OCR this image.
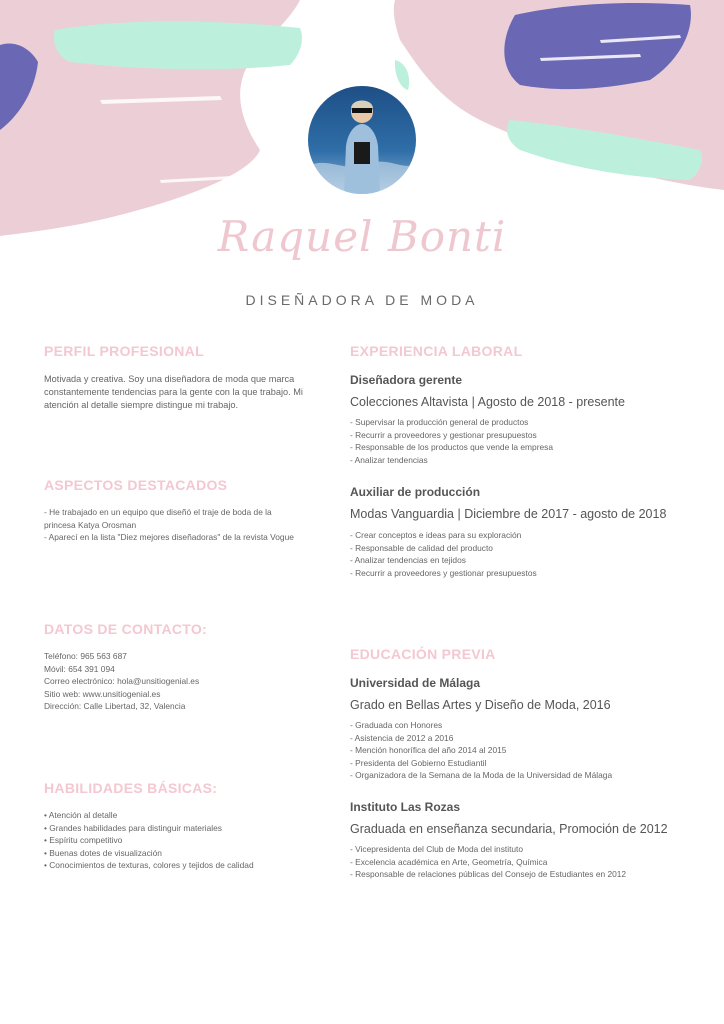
Raquel Bonti
DISEÑADORA DE MODA
PERFIL PROFESIONAL
Motivada y creativa. Soy una diseñadora de moda que marca constantemente tendencias para la gente con la que trabajo. Mi atención al detalle siempre distingue mi trabajo.
ASPECTOS DESTACADOS
- He trabajado en un equipo que diseñó el traje de boda de la
princesa Katya Orosman
- Aparecí en la lista "Diez mejores diseñadoras" de la revista Vogue
DATOS DE CONTACTO:
Teléfono: 965 563 687
Móvil: 654 391 094
Correo electrónico: hola@unsitiogenial.es
Sitio web: www.unsitiogenial.es
Dirección: Calle Libertad, 32, Valencia
HABILIDADES BÁSICAS:
• Atención al detalle
• Grandes habilidades para distinguir materiales
• Espíritu competitivo
• Buenas dotes de visualización
• Conocimientos de texturas, colores y tejidos de calidad
EXPERIENCIA LABORAL
Diseñadora gerente
Colecciones Altavista | Agosto de 2018 - presente
- Supervisar la producción general de productos
- Recurrir a proveedores y gestionar presupuestos
- Responsable de los productos que vende la empresa
- Analizar tendencias
Auxiliar de producción
Modas Vanguardia | Diciembre de 2017 - agosto de 2018
- Crear conceptos e ideas para su exploración
- Responsable de calidad del producto
- Analizar tendencias en tejidos
- Recurrir a proveedores y gestionar presupuestos
EDUCACIÓN PREVIA
Universidad de Málaga
Grado en Bellas Artes y Diseño de Moda, 2016
- Graduada con Honores
- Asistencia de 2012 a 2016
- Mención honorífica del año 2014 al 2015
- Presidenta del Gobierno Estudiantil
- Organizadora de la Semana de la Moda de la Universidad de Málaga
Instituto Las Rozas
Graduada en enseñanza secundaria, Promoción de 2012
- Vicepresidenta del Club de Moda del instituto
- Excelencia académica en Arte, Geometría, Química
- Responsable de relaciones públicas del Consejo de Estudiantes en 2012
